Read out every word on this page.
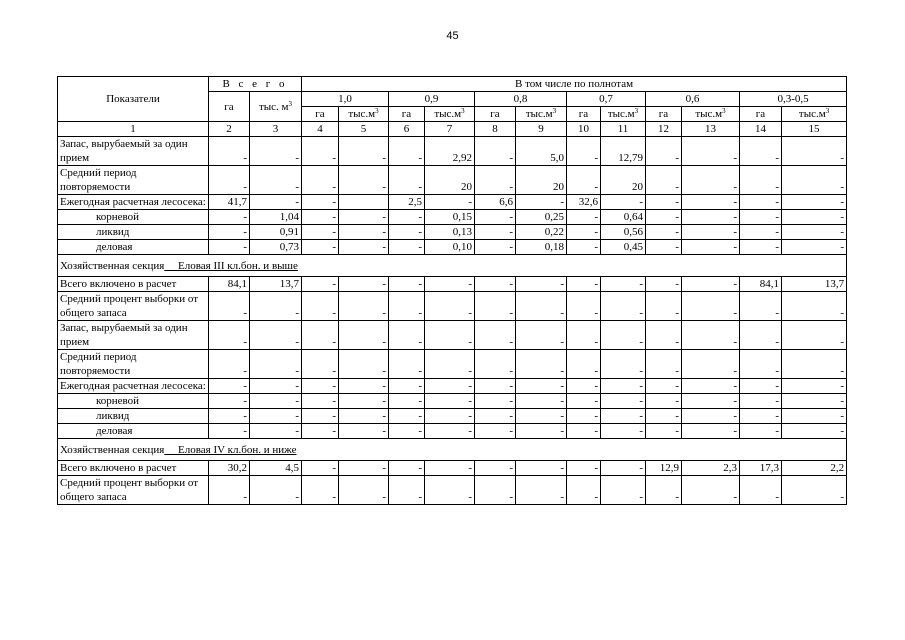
45
Показатели	В с е г о		В том числе по полнотам											
	га	тыс. $м^3$	1,0		0,9		0,8		0,7		0,6		0,3-0,5	
			га	$тыс.м^3$	га	$тыс.м^3$	га	$тыс.м^3$	га	$тыс.м^3$	га	$тыс.м^3$	га	$тыс.м^3$
1	2	3	4	5	6	7	8	9	10	11	12	13	14	15
Запас, вырубаемый за один прием	-	-	-	-	-	2,92	-	5,0	-	12,79	-	-	-	-
Средний период повторяемости	-	-	-	-	-	20	-	20	-	20	-	-	-	-
Ежегодная расчетная лесосека:	41,7	-	-		2,5	-	6,6	-	32,6	-	-	-	-	-
корневой	-	1,04	-	-	-	0,15	-	0,25	-	0,64	-	-	-	-
ликвид	-	0,91	-	-	-	0,13	-	0,22	-	0,56	-	-	-	-
деловая	-	0,73	-	-	-	0,10	-	0,18	-	0,45	-	-	-	-
Хозяйственная секция Еловая III кл.бон. и выше														
Всего включено в расчет	84,1	13,7	-	-	-	-	-	-	-	-	-	-	84,1	13,7
Средний процент выборки от общего запаса	-	-	-	-	-	-	-	-	-	-	-	-	-	-
Запас, вырубаемый за один прием	-	-	-	-	-	-	-	-	-	-	-	-	-	-
Средний период повторяемости	-	-	-	-	-	-	-	-	-	-	-	-	-	-
Ежегодная расчетная лесосека:	-	-	-	-	-	-	-	-	-	-	-	-	-	-
корневой	-	-	-	-	-	-	-	-	-	-	-	-	-	-
ликвид	-	-	-	-	-	-	-	-	-	-	-	-	-	-
деловая	-	-	-	-	-	-	-	-	-	-	-	-	-	-
Хозяйственная секция Еловая IV кл.бон. и ниже														
Всего включено в расчет	30,2	4,5	-	-	-	-	-	-	-	-	12,9	2,3	17,3	2,2
Средний процент выборки от общего запаса	-	-	-	-	-	-	-	-	-	-	-	-	-	-
